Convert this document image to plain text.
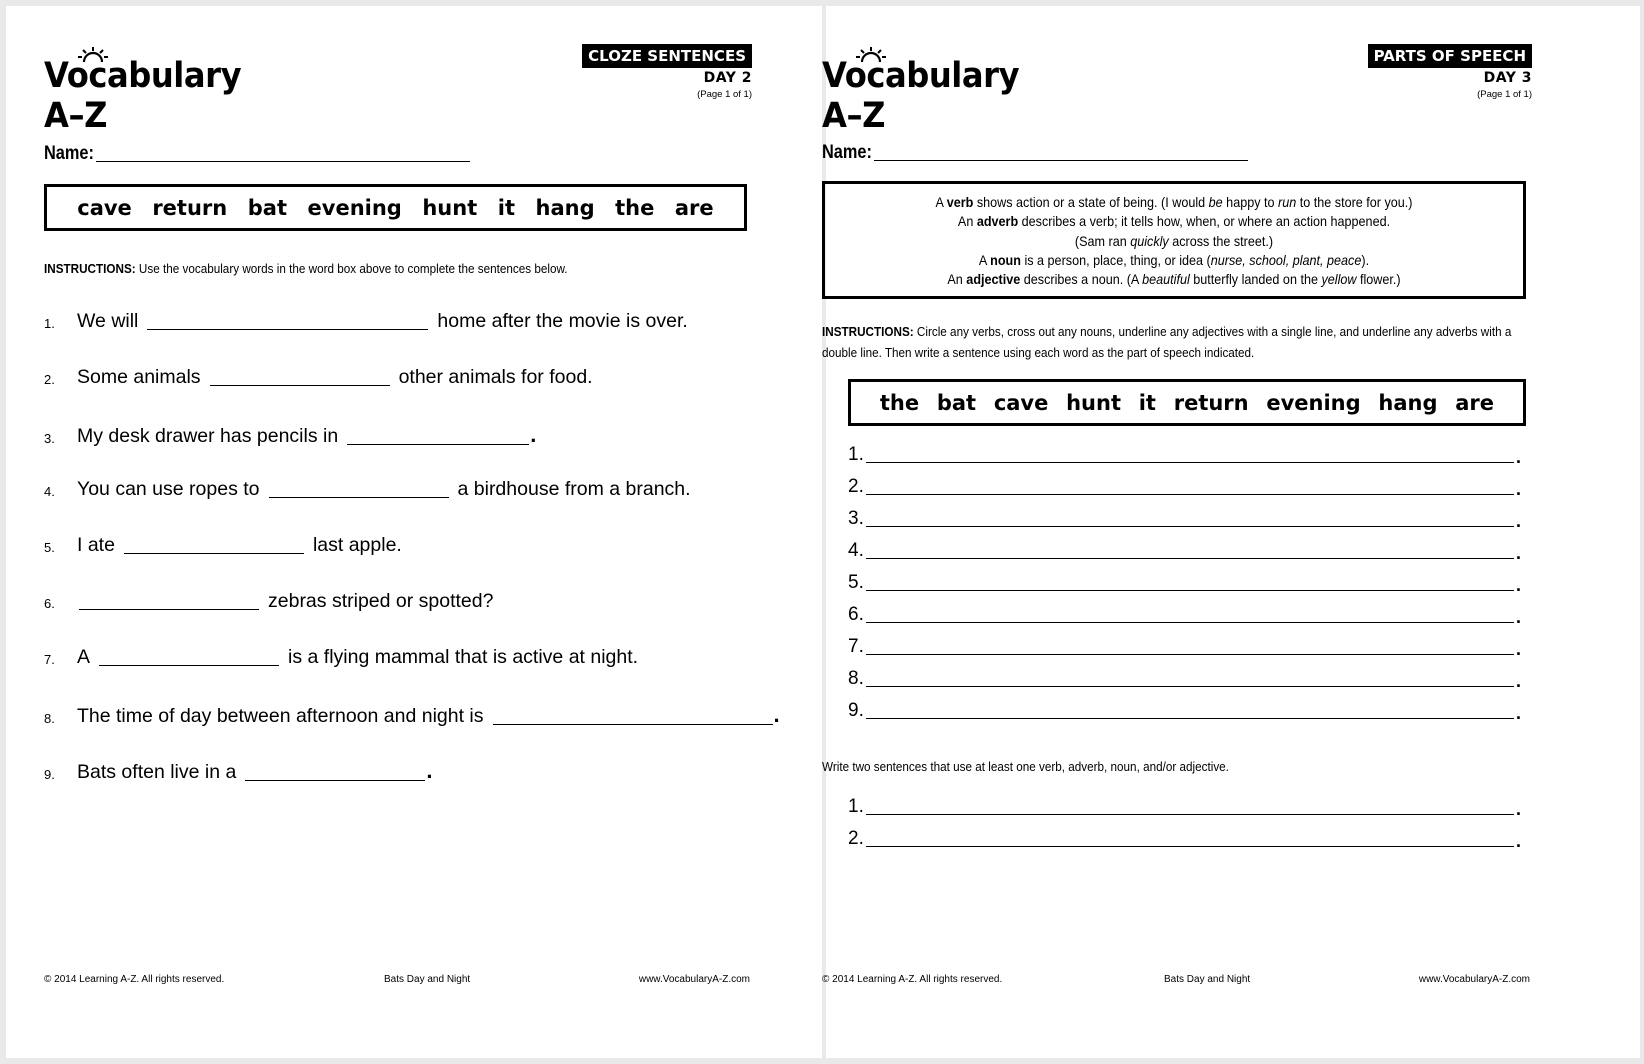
Vocabulary A–Z
CLOZE SENTENCES
DAY 2
(Page 1 of 1)
Name:
cave return bat evening hunt it hang the are
INSTRUCTIONS: Use the vocabulary words in the word box above to complete the sentences below.
1.	We will	home after the movie is over.
2.	Some animals	other animals for food.
3.	My desk drawer has pencils in	.
4.	You can use ropes to	a birdhouse from a branch.
5.	I ate	last apple.
6.	zebras striped or spotted?
7.	A	is a flying mammal that is active at night.
8.	The time of day between afternoon and night is	.
9.	Bats often live in a	.
© 2014 Learning A-Z. All rights reserved.	Bats Day and Night	www.VocabularyA-Z.com
Vocabulary A–Z
PARTS OF SPEECH
DAY 3
(Page 1 of 1)
Name:
A verb shows action or a state of being. (I would be happy to run to the store for you.)
An adverb describes a verb; it tells how, when, or where an action happened.
(Sam ran quickly across the street.)
A noun is a person, place, thing, or idea (nurse, school, plant, peace).
An adjective describes a noun. (A beautiful butterfly landed on the yellow flower.)
INSTRUCTIONS: Circle any verbs, cross out any nouns, underline any adjectives with a single line, and underline any adverbs with a double line. Then write a sentence using each word as the part of speech indicated.
the bat cave hunt it return evening hang are
1.	.
2.	.
3.	.
4.	.
5.	.
6.	.
7.	.
8.	.
9.	.
Write two sentences that use at least one verb, adverb, noun, and/or adjective.
1.	.
2.	.
© 2014 Learning A-Z. All rights reserved.	Bats Day and Night	www.VocabularyA-Z.com
